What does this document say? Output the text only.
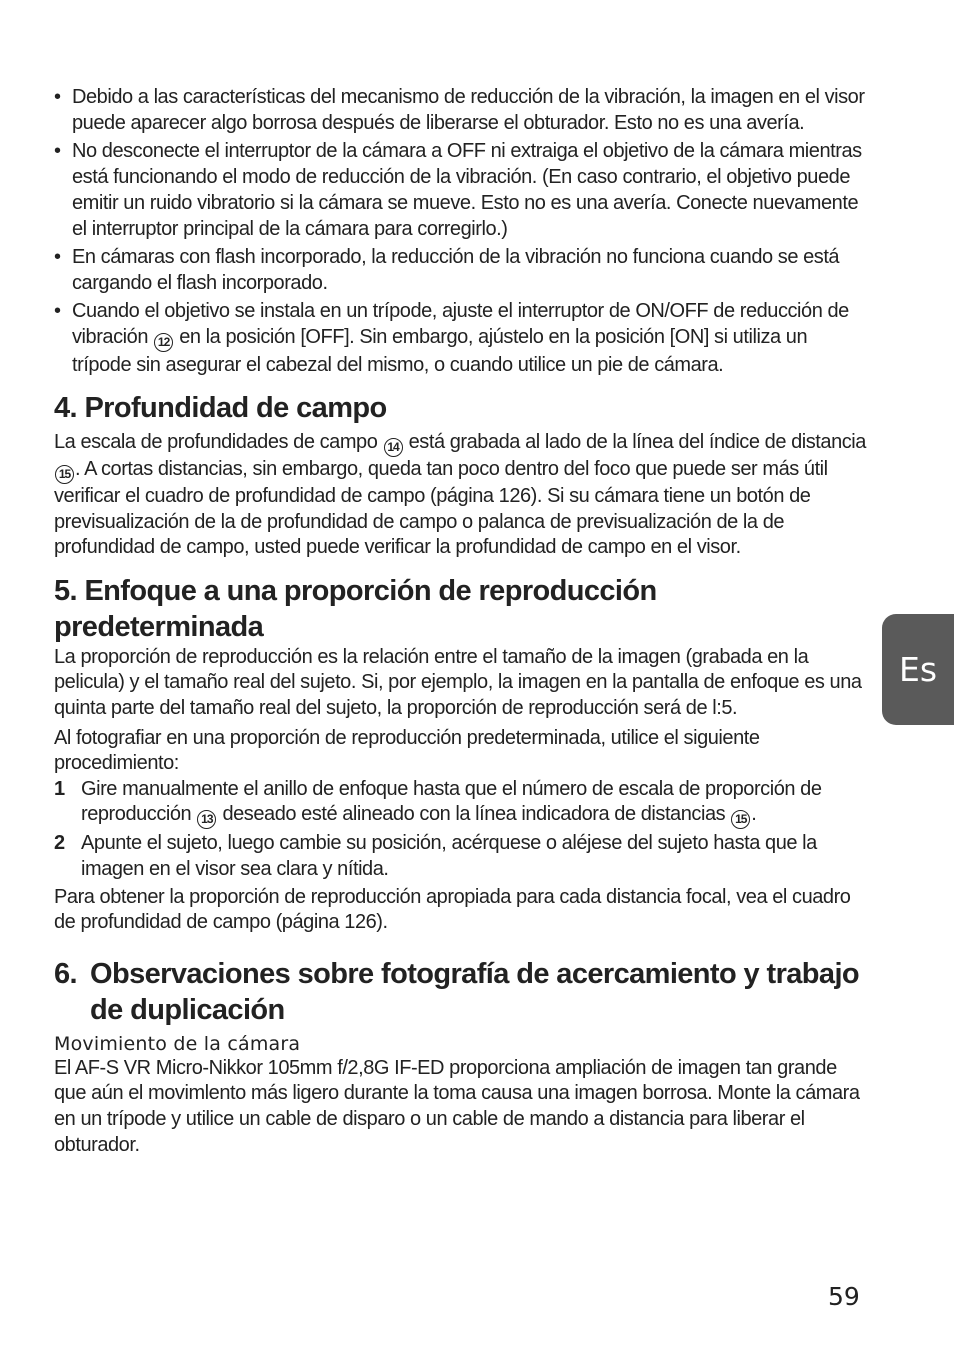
• Debido a las características del mecanismo de reducción de la vibración, la imagen en el visor puede aparecer algo borrosa después de liberarse el obturador. Esto no es una avería.
• No desconecte el interruptor de la cámara a OFF ni extraiga el objetivo de la cámara mientras está funcionando el modo de reducción de la vibración. (En caso contrario, el objetivo puede emitir un ruido vibratorio si la cámara se mueve. Esto no es una avería. Conecte nuevamente el interruptor principal de la cámara para corregirlo.)
• En cámaras con flash incorporado, la reducción de la vibración no funciona cuando se está cargando el flash incorporado.
• Cuando el objetivo se instala en un trípode, ajuste el interruptor de ON/OFF de reducción de vibración 12 en la posición [OFF]. Sin embargo, ajústelo en la posición [ON] si utiliza un trípode sin asegurar el cabezal del mismo, o cuando utilice un pie de cámara.
4. Profundidad de campo

La escala de profundidades de campo 14 está grabada al lado de la línea del índice de distancia 15 . A cortas distancias, sin embargo, queda tan poco dentro del foco que puede ser más útil verificar el cuadro de profundidad de campo (página 126). Si su cámara tiene un botón de previsualización de la de profundidad de campo o palanca de previsualización de la de profundidad de campo, usted puede verificar la profundidad de campo en el visor.

5. Enfoque a una proporción de reproducción predeterminada

La proporción de reproducción es la relación entre el tamaño de la imagen (grabada en la pelicula) y el tamaño real del sujeto. Si, por ejemplo, la imagen en la pantalla de enfoque es una quinta parte del tamaño real del sujeto, la proporción de reproducción será de l:5.

Al fotografiar en una proporción de reproducción predeterminada, utilice el siguiente procedimiento:

1 Gire manualmente el anillo de enfoque hasta que el número de escala de proporción de reproducción 13 deseado esté alineado con la línea indicadora de distancias 15 .
2 Apunte el sujeto, luego cambie su posición, acérquese o aléjese del sujeto hasta que la imagen en el visor sea clara y nítida.

Para obtener la proporción de reproducción apropiada para cada distancia focal, vea el cuadro de profundidad de campo (página 126).

6. Observaciones sobre fotografía de acercamiento y trabajo de duplicación
Movimiento de la cámara

El AF-S VR Micro-Nikkor 105mm f/2,8G IF-ED proporciona ampliación de imagen tan grande que aún el movimlento más ligero durante la toma causa una imagen borrosa. Monte la cámara en un trípode y utilice un cable de disparo o un cable de mando a distancia para liberar el obturador.

Es
59
